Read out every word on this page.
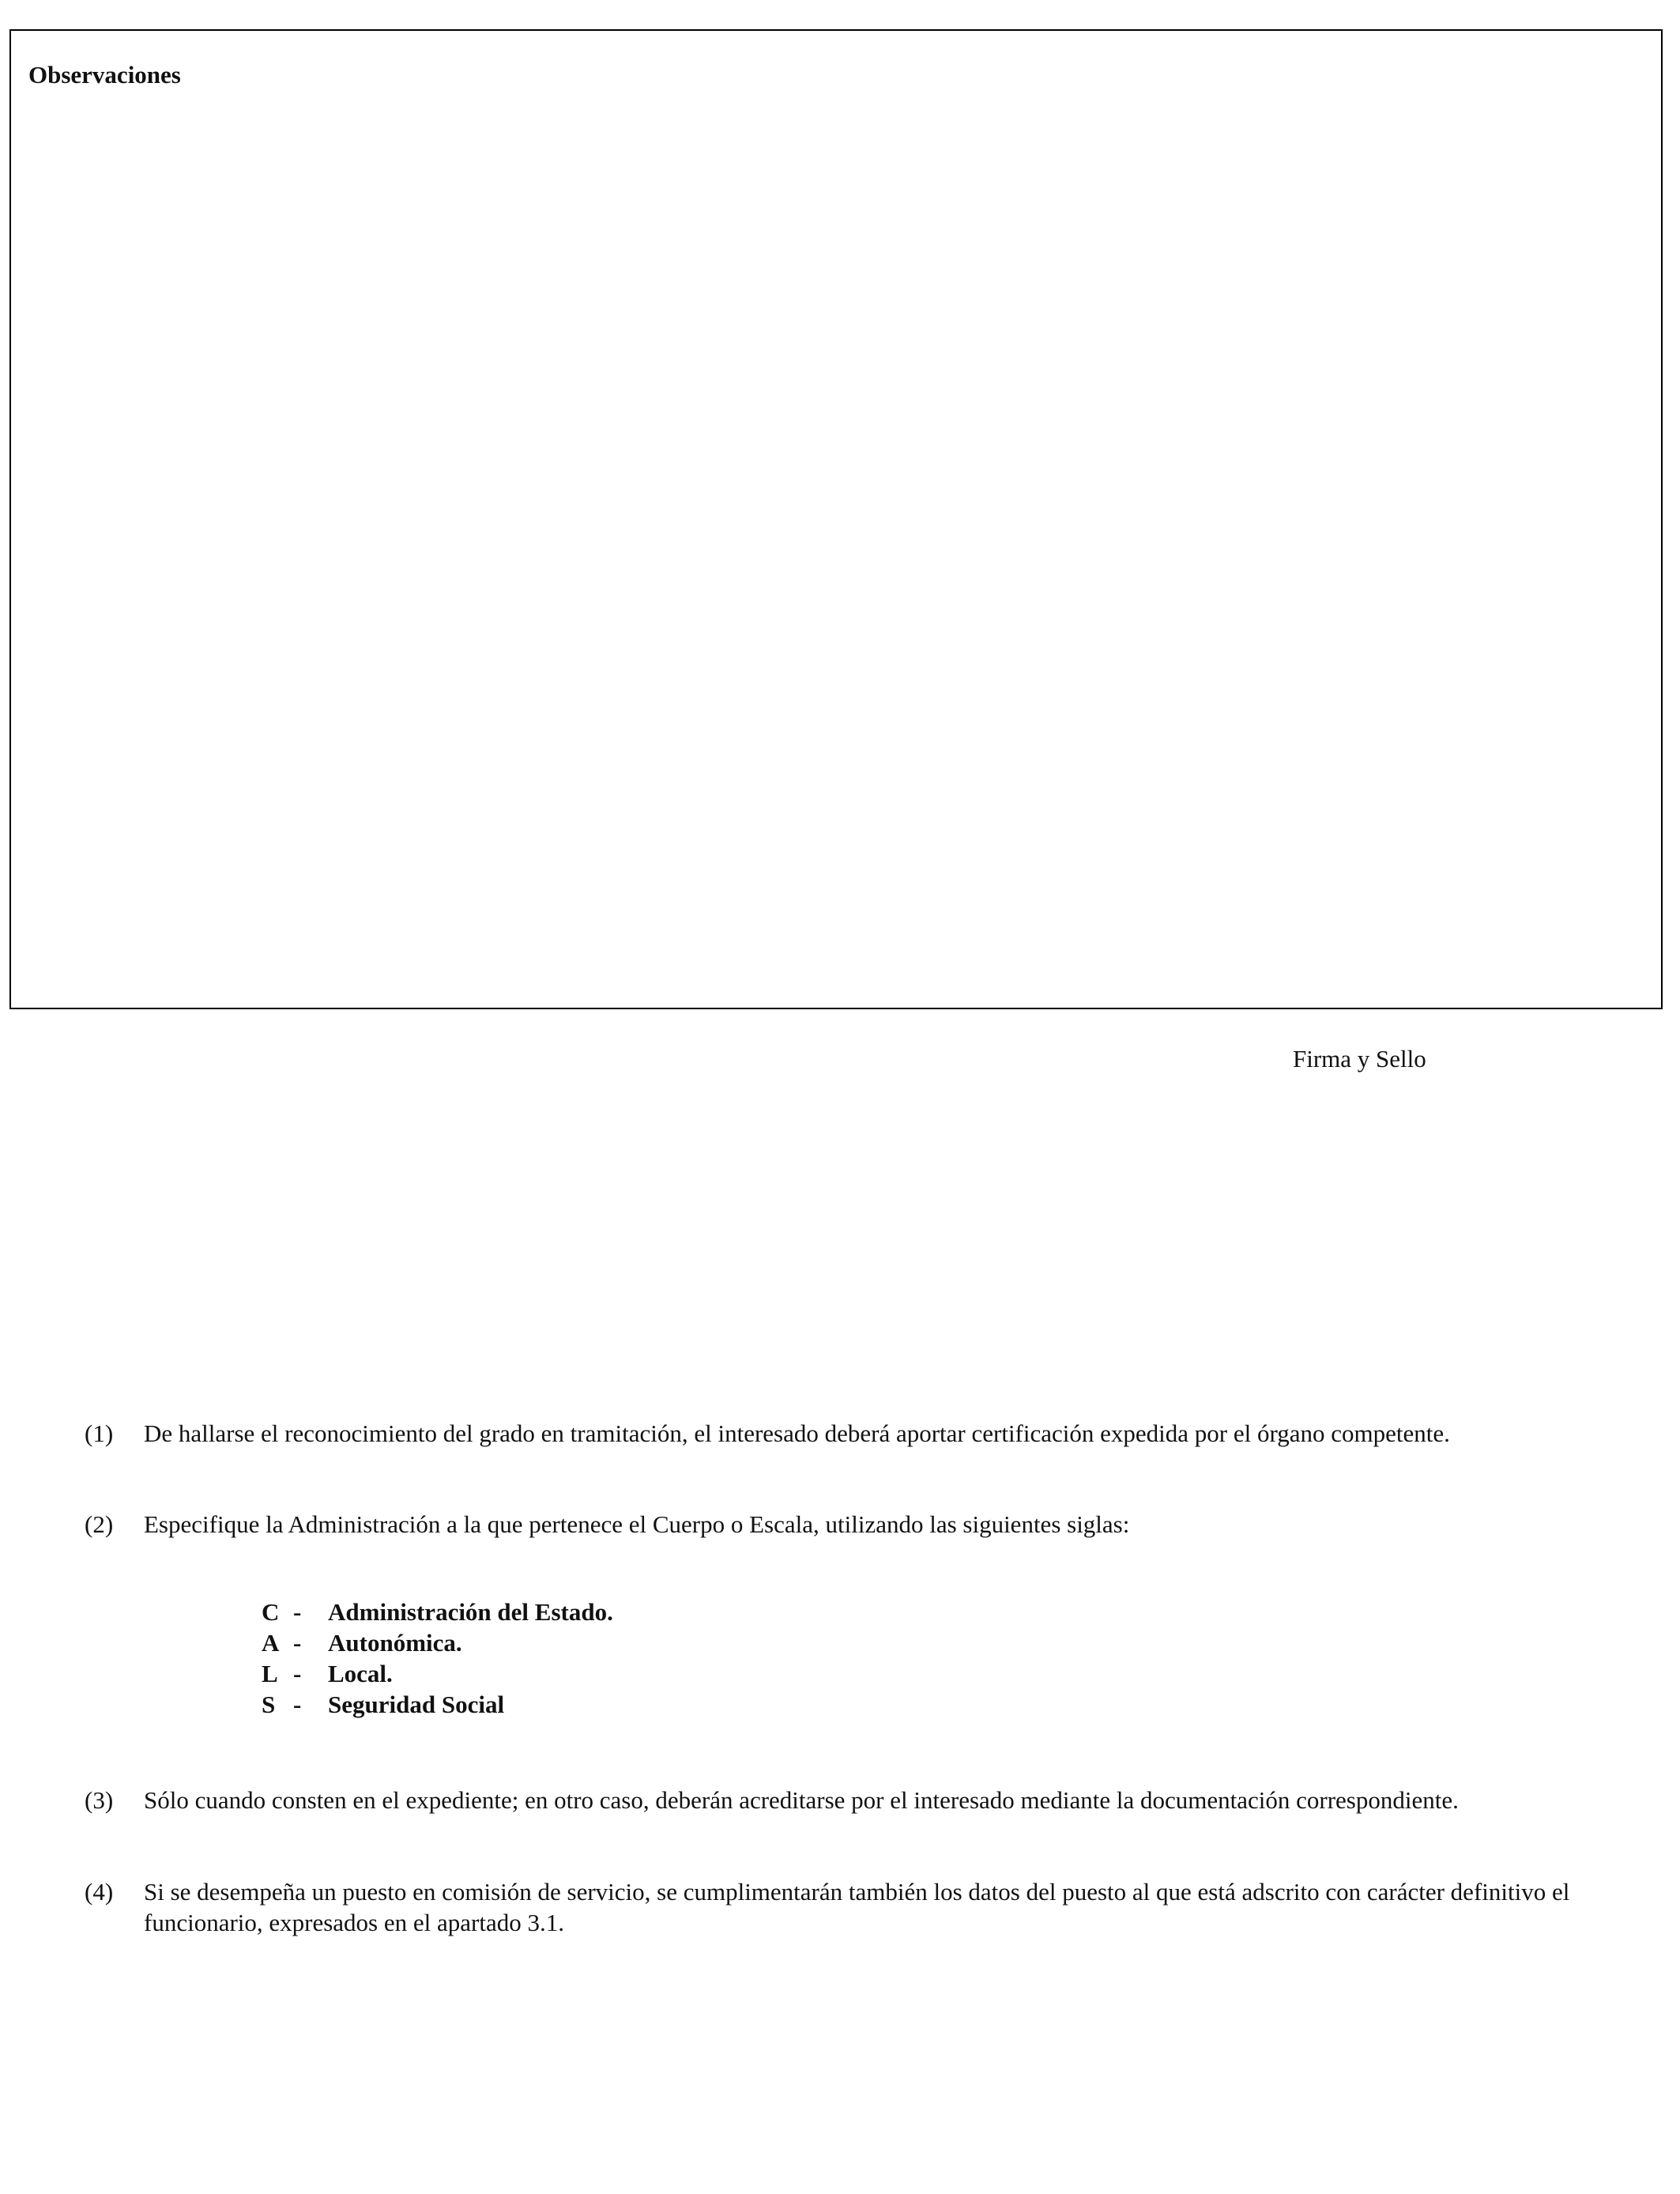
Observaciones
Firma y Sello
(1) De hallarse el reconocimiento del grado en tramitación, el interesado deberá aportar certificación expedida por el órgano competente.
(2) Especifique la Administración a la que pertenece el Cuerpo o Escala, utilizando las siguientes siglas:
C -	Administración del Estado.
A -	Autonómica.
L -	Local.
S -	Seguridad Social
(3) Sólo cuando consten en el expediente; en otro caso, deberán acreditarse por el interesado mediante la documentación correspondiente.
(4) Si se desempeña un puesto en comisión de servicio, se cumplimentarán también los datos del puesto al que está adscrito con carácter definitivo el funcionario, expresados en el apartado 3.1.
